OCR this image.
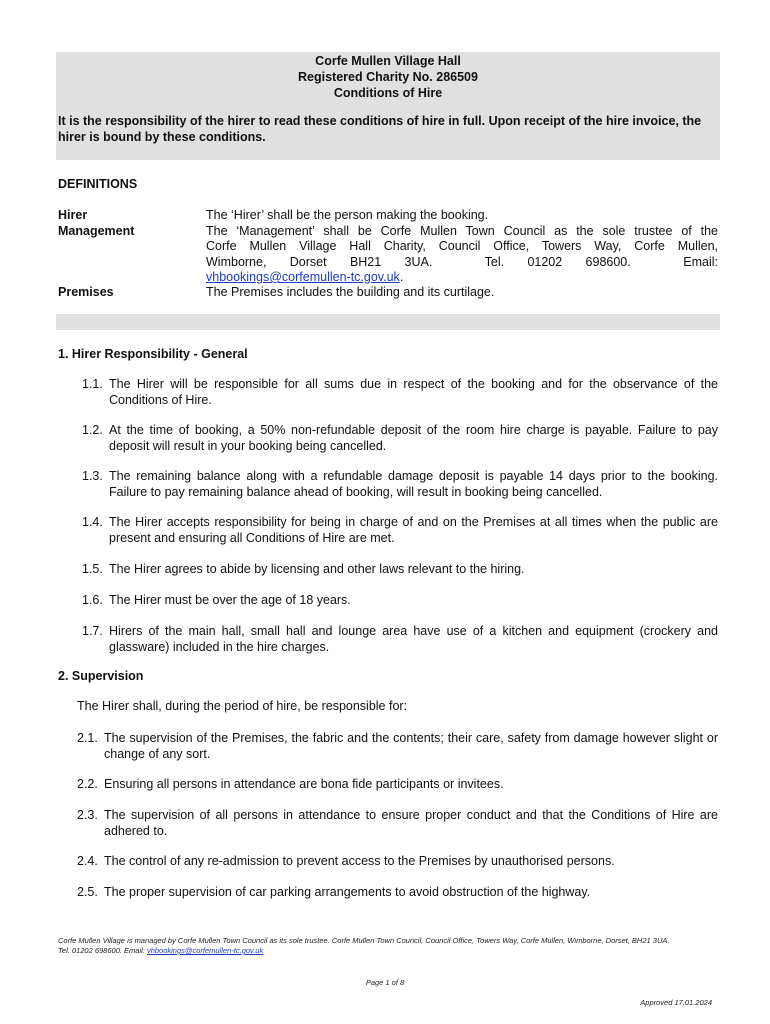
Corfe Mullen Village Hall
Registered Charity No. 286509
Conditions of Hire
It is the responsibility of the hirer to read these conditions of hire in full. Upon receipt of the hire invoice, the hirer is bound by these conditions.
DEFINITIONS
Hirer	The ‘Hirer’ shall be the person making the booking.
Management	The ‘Management’ shall be Corfe Mullen Town Council as the sole trustee of the
Corfe Mullen Village Hall Charity, Council Office, Towers Way, Corfe Mullen,
Wimborne,    Dorset    BH21    3UA.         Tel.    01202    698600.         Email:
vhbookings@corfemullen-tc.gov.uk.
Premises	The Premises includes the building and its curtilage.
1. Hirer Responsibility - General
1.1. The Hirer will be responsible for all sums due in respect of the booking and for the observance of the Conditions of Hire.
1.2. At the time of booking, a 50% non-refundable deposit of the room hire charge is payable. Failure to pay deposit will result in your booking being cancelled.
1.3. The remaining balance along with a refundable damage deposit is payable 14 days prior to the booking. Failure to pay remaining balance ahead of booking, will result in booking being cancelled.
1.4. The Hirer accepts responsibility for being in charge of and on the Premises at all times when the public are present and ensuring all Conditions of Hire are met.
1.5. The Hirer agrees to abide by licensing and other laws relevant to the hiring.
1.6. The Hirer must be over the age of 18 years.
1.7. Hirers of the main hall, small hall and lounge area have use of a kitchen and equipment (crockery and glassware) included in the hire charges.
2. Supervision
The Hirer shall, during the period of hire, be responsible for:
2.1. The supervision of the Premises, the fabric and the contents; their care, safety from damage however slight or change of any sort.
2.2. Ensuring all persons in attendance are bona fide participants or invitees.
2.3. The supervision of all persons in attendance to ensure proper conduct and that the Conditions of Hire are adhered to.
2.4. The control of any re-admission to prevent access to the Premises by unauthorised persons.
2.5. The proper supervision of car parking arrangements to avoid obstruction of the highway.
Corfe Mullen Village is managed by Corfe Mullen Town Council as its sole trustee. Corfe Mullen Town Council, Council Office, Towers Way, Corfe Mullen, Wimborne, Dorset, BH21 3UA.
Tel. 01202 698600. Email: vhbookings@corfemullen-tc.gov.uk
Page 1 of 8
Approved 17.01.2024
